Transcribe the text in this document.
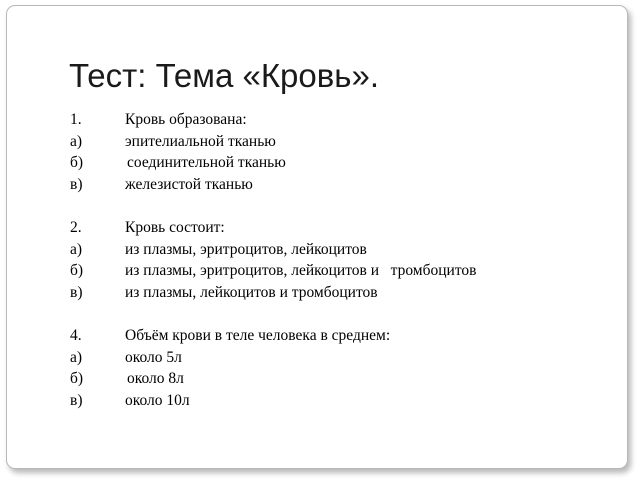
Тест: Тема «Кровь».
1.	Кровь образована:
а)	эпителиальной тканью
б)	соединительной тканью
в)	железистой тканью
2.	Кровь состоит:
а)	из плазмы, эритроцитов, лейкоцитов
б)	из плазмы, эритроцитов, лейкоцитов и   тромбоцитов
в)	из плазмы, лейкоцитов и тромбоцитов
4.	Объём крови в теле человека в среднем:
а)	около 5л
б)	около 8л
в)	около 10л
